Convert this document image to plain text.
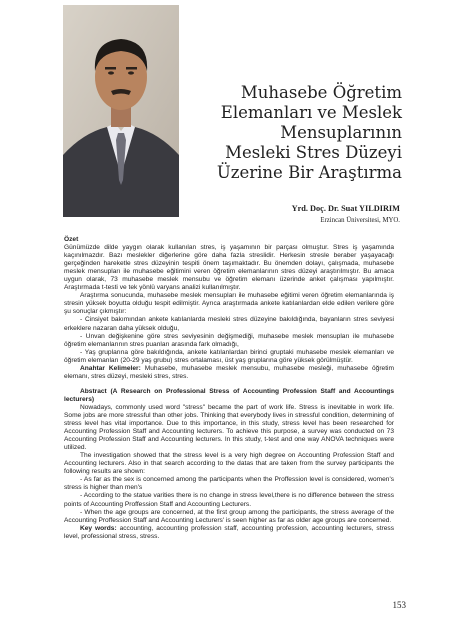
Muhasebe Öğretim
Elemanları ve Meslek
Mensuplarının
Mesleki Stres Düzeyi
Üzerine Bir Araştırma
Yrd. Doç. Dr. Suat YILDIRIM
Erzincan Üniversitesi, MYO.

Özet

Günümüzde dilde yaygın olarak kullanılan stres, iş yaşamının bir parçası olmuştur. Stres iş yaşamında kaçınılmazdır. Bazı meslekler diğerlerine göre daha fazla streslidir. Herkesin stresle beraber yaşayacağı gerçeğinden hareketle stres düzeyinin tespiti önem taşımaktadır. Bu önemden dolayı, çalışmada, muhasebe meslek mensupları ile muhasebe eğitimini veren öğretim elemanlarının stres düzeyi araştırılmıştır. Bu amaca uygun olarak, 73 muhasebe meslek mensubu ve öğretim elemanı üzerinde anket çalışması yapılmıştır. Araştırmada t-testi ve tek yönlü varyans analizi kullanılmıştır.

Araştırma sonucunda, muhasebe meslek mensupları ile muhasebe eğitimi veren öğretim elemanlarında iş stresin yüksek boyutta olduğu tespit edilmiştir. Ayrıca araştırmada ankete katılanlardan elde edilen verilere göre şu sonuçlar çıkmıştır:

- Cinsiyet bakımından ankete katılanlarda mesleki stres düzeyine bakıldığında, bayanların stres seviyesi erkeklere nazaran daha yüksek olduğu,

- Unvan değişkenine göre stres seviyesinin değişmediği, muhasebe meslek mensupları ile muhasebe öğretim elemanlarının stres puanları arasında fark olmadığı,

- Yaş gruplarına göre bakıldığında, ankete katılanlardan birinci gruptaki muhasebe meslek elemanları ve öğretim elemanları (20-29 yaş grubu) stres ortalaması, üst yaş gruplarına göre yüksek görülmüştür.

Anahtar Kelimeler: Muhasebe, muhasebe meslek mensubu, muhasebe mesleği, muhasebe öğretim elemanı, stres düzeyi, mesleki stres, stres.

Abstract (A Research on Professional Stress of Accounting Profession Staff and Accountings lecturers)

Nowadays, commonly used word "stress" became the part of work life. Stress is inevitable in work life. Some jobs are more stressful than other jobs. Thinking that everybody lives in stressful condition, determining of stress level has vital importance. Due to this importance, in this study, stress level has been researched for Accounting Profession Staff and Accounting lecturers. To achieve this purpose, a survey was conducted on 73 Accounting Profession Staff and Accounting lecturers. In this study, t-test and one way ANOVA techniques were utilized.

The investigation showed that the stress level is a very high degree on Accounting Profession Staff and Accounting lecturers. Also in that search according to the datas that are taken from the survey participants the following results are shown:

- As far as the sex is concerned among the participants when the Proffession level is considered, women's stress is higher than men's

- According to the statue varities there is no change in stress level,there is no difference between the stress points of Accounting Proffession Staff and Accounting Lecturers.

- When the age groups are concerned, at the first group among the participants, the stress average of the Accounting Proffession Staff and Accounting Lecturers' is seen higher as far as older age groups are concerned.

Key words: accounting, accounting profession staff, accounting profession, accounting lecturers, stress level, professional stress, stress.

153
